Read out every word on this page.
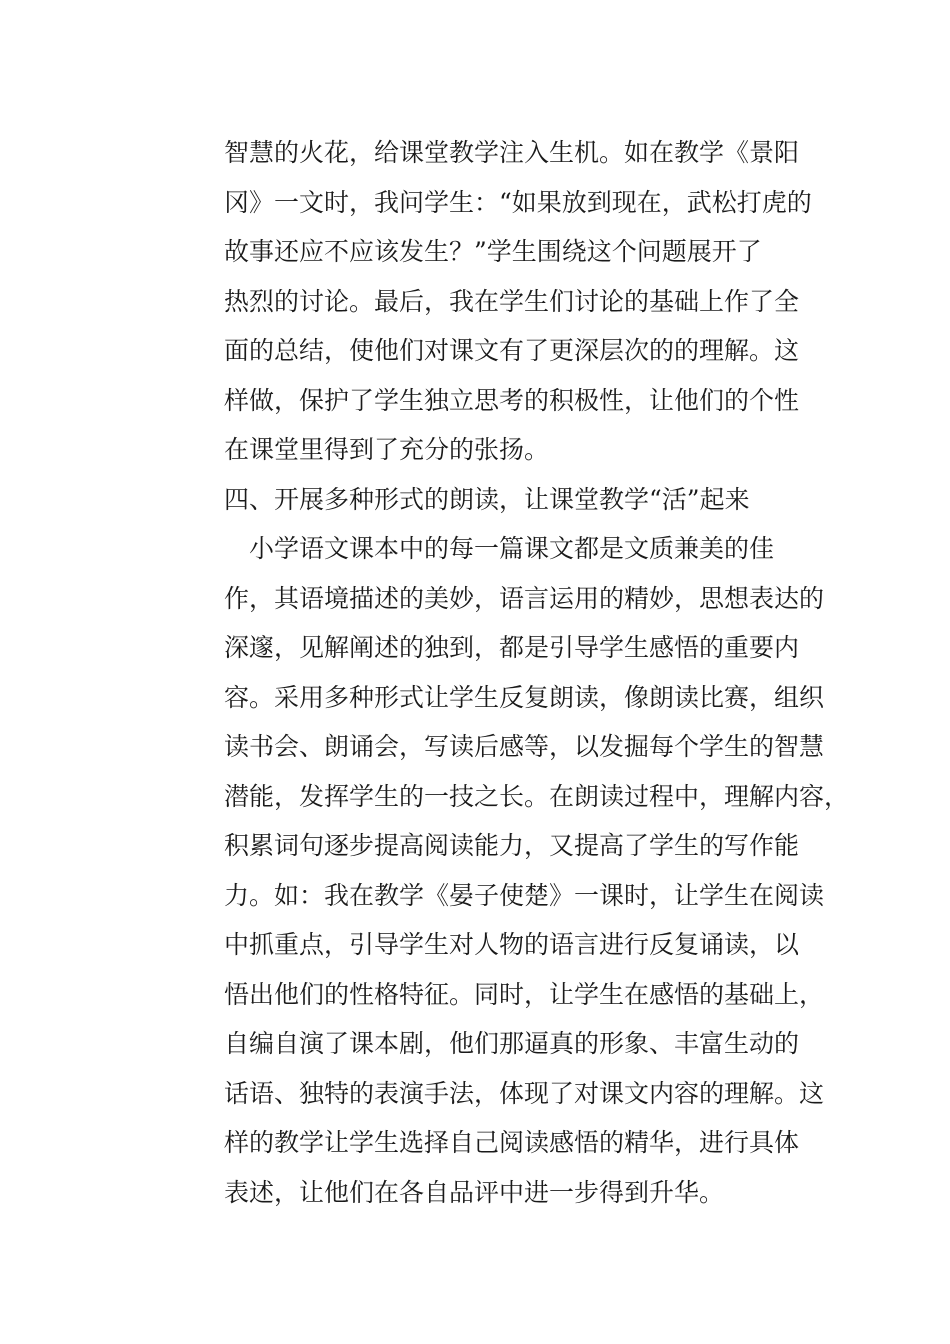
智慧的火花，给课堂教学注入生机。如在教学《景阳
冈》一文时，我问学生：“如果放到现在，武松打虎的
故事还应不应该发生？”学生围绕这个问题展开了
热烈的讨论。最后，我在学生们讨论的基础上作了全
面的总结，使他们对课文有了更深层次的的理解。这
样做，保护了学生独立思考的积极性，让他们的个性
在课堂里得到了充分的张扬。
四、开展多种形式的朗读，让课堂教学“活”起来
　小学语文课本中的每一篇课文都是文质兼美的佳
作，其语境描述的美妙，语言运用的精妙，思想表达的
深邃，见解阐述的独到，都是引导学生感悟的重要内
容。采用多种形式让学生反复朗读，像朗读比赛，组织
读书会、朗诵会，写读后感等，以发掘每个学生的智慧
潜能，发挥学生的一技之长。在朗读过程中，理解内容，
积累词句逐步提高阅读能力，又提高了学生的写作能
力。如：我在教学《晏子使楚》一课时，让学生在阅读
中抓重点，引导学生对人物的语言进行反复诵读，以
悟出他们的性格特征。同时，让学生在感悟的基础上，
自编自演了课本剧，他们那逼真的形象、丰富生动的
话语、独特的表演手法，体现了对课文内容的理解。这
样的教学让学生选择自己阅读感悟的精华，进行具体
表述，让他们在各自品评中进一步得到升华。
